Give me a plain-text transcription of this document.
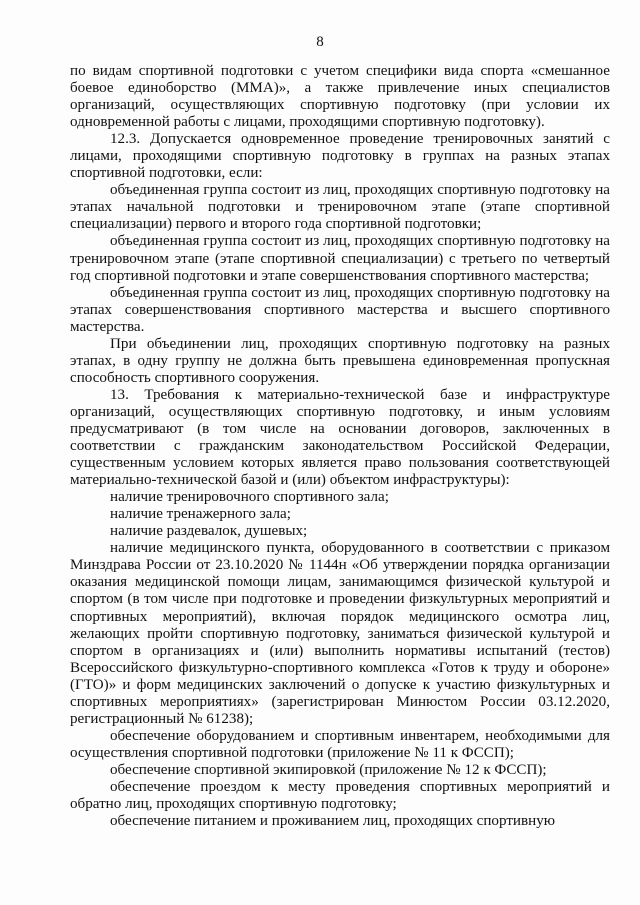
8

по видам спортивной подготовки с учетом специфики вида спорта «смешанное боевое единоборство (ММА)», а также привлечение иных специалистов организаций, осуществляющих спортивную подготовку (при условии их одновременной работы с лицами, проходящими спортивную подготовку).

12.3. Допускается одновременное проведение тренировочных занятий с лицами, проходящими спортивную подготовку в группах на разных этапах спортивной подготовки, если:

объединенная группа состоит из лиц, проходящих спортивную подготовку на этапах начальной подготовки и тренировочном этапе (этапе спортивной специализации) первого и второго года спортивной подготовки;

объединенная группа состоит из лиц, проходящих спортивную подготовку на тренировочном этапе (этапе спортивной специализации) с третьего по четвертый год спортивной подготовки и этапе совершенствования спортивного мастерства;

объединенная группа состоит из лиц, проходящих спортивную подготовку на этапах совершенствования спортивного мастерства и высшего спортивного мастерства.

При объединении лиц, проходящих спортивную подготовку на разных этапах, в одну группу не должна быть превышена единовременная пропускная способность спортивного сооружения.

13. Требования к материально-технической базе и инфраструктуре организаций, осуществляющих спортивную подготовку, и иным условиям предусматривают (в том числе на основании договоров, заключенных в соответствии с гражданским законодательством Российской Федерации, существенным условием которых является право пользования соответствующей материально-технической базой и (или) объектом инфраструктуры):

наличие тренировочного спортивного зала;

наличие тренажерного зала;

наличие раздевалок, душевых;

наличие медицинского пункта, оборудованного в соответствии с приказом Минздрава России от 23.10.2020 № 1144н «Об утверждении порядка организации оказания медицинской помощи лицам, занимающимся физической культурой и спортом (в том числе при подготовке и проведении физкультурных мероприятий и спортивных мероприятий), включая порядок медицинского осмотра лиц, желающих пройти спортивную подготовку, заниматься физической культурой и спортом в организациях и (или) выполнить нормативы испытаний (тестов) Всероссийского физкультурно-спортивного комплекса «Готов к труду и обороне» (ГТО)» и форм медицинских заключений о допуске к участию физкультурных и спортивных мероприятиях» (зарегистрирован Минюстом России 03.12.2020, регистрационный № 61238);

обеспечение оборудованием и спортивным инвентарем, необходимыми для осуществления спортивной подготовки (приложение № 11 к ФССП);

обеспечение спортивной экипировкой (приложение № 12 к ФССП);

обеспечение проездом к месту проведения спортивных мероприятий и обратно лиц, проходящих спортивную подготовку;

обеспечение питанием и проживанием лиц, проходящих спортивную
